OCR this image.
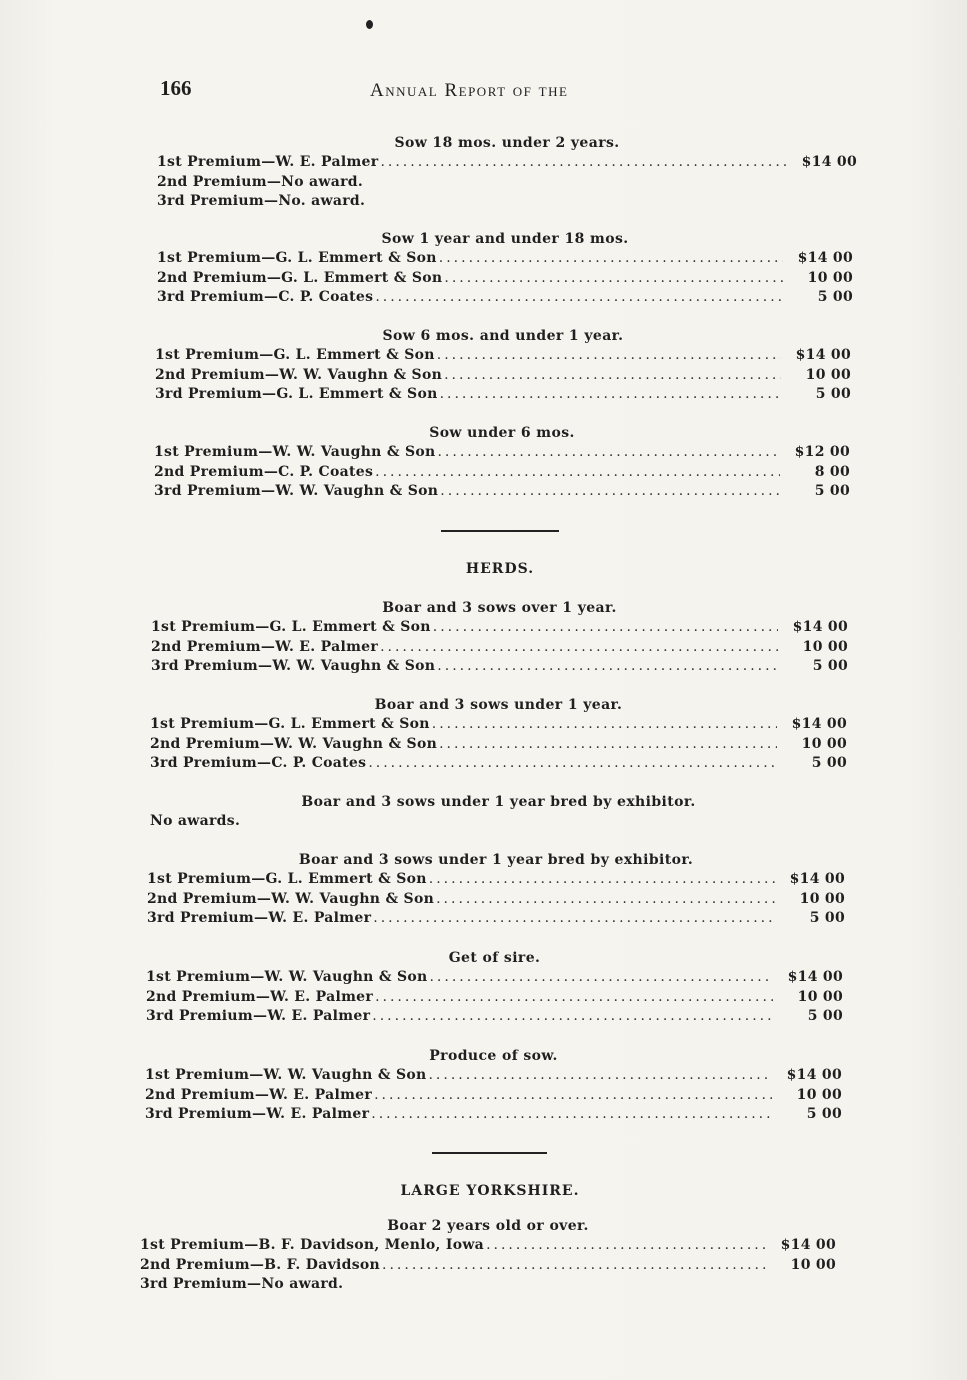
166	Annual Report of the
Sow 18 mos. under 2 years.
1st Premium—W. E. Palmer .....	$14 00
2nd Premium—No award.
3rd Premium—No. award.
Sow 1 year and under 18 mos.
1st Premium—G. L. Emmert & Son .....	$14 00
2nd Premium—G. L. Emmert & Son .....	10 00
3rd Premium—C. P. Coates .....	5 00
Sow 6 mos. and under 1 year.
1st Premium—G. L. Emmert & Son .....	$14 00
2nd Premium—W. W. Vaughn & Son .....	10 00
3rd Premium—G. L. Emmert & Son .....	5 00
Sow under 6 mos.
1st Premium—W. W. Vaughn & Son .....	$12 00
2nd Premium—C. P. Coates .....	8 00
3rd Premium—W. W. Vaughn & Son .....	5 00
HERDS.
Boar and 3 sows over 1 year.
1st Premium—G. L. Emmert & Son .....	$14 00
2nd Premium—W. E. Palmer .....	10 00
3rd Premium—W. W. Vaughn & Son .....	5 00
Boar and 3 sows under 1 year.
1st Premium—G. L. Emmert & Son .....	$14 00
2nd Premium—W. W. Vaughn & Son .....	10 00
3rd Premium—C. P. Coates .....	5 00
Boar and 3 sows under 1 year bred by exhibitor.
No awards.
Boar and 3 sows under 1 year bred by exhibitor.
1st Premium—G. L. Emmert & Son .....	$14 00
2nd Premium—W. W. Vaughn & Son .....	10 00
3rd Premium—W. E. Palmer .....	5 00
Get of sire.
1st Premium—W. W. Vaughn & Son .....	$14 00
2nd Premium—W. E. Palmer .....	10 00
3rd Premium—W. E. Palmer .....	5 00
Produce of sow.
1st Premium—W. W. Vaughn & Son .....	$14 00
2nd Premium—W. E. Palmer .....	10 00
3rd Premium—W. E. Palmer .....	5 00
LARGE YORKSHIRE.
Boar 2 years old or over.
1st Premium—B. F. Davidson, Menlo, Iowa .....	$14 00
2nd Premium—B. F. Davidson .....	10 00
3rd Premium—No award.
